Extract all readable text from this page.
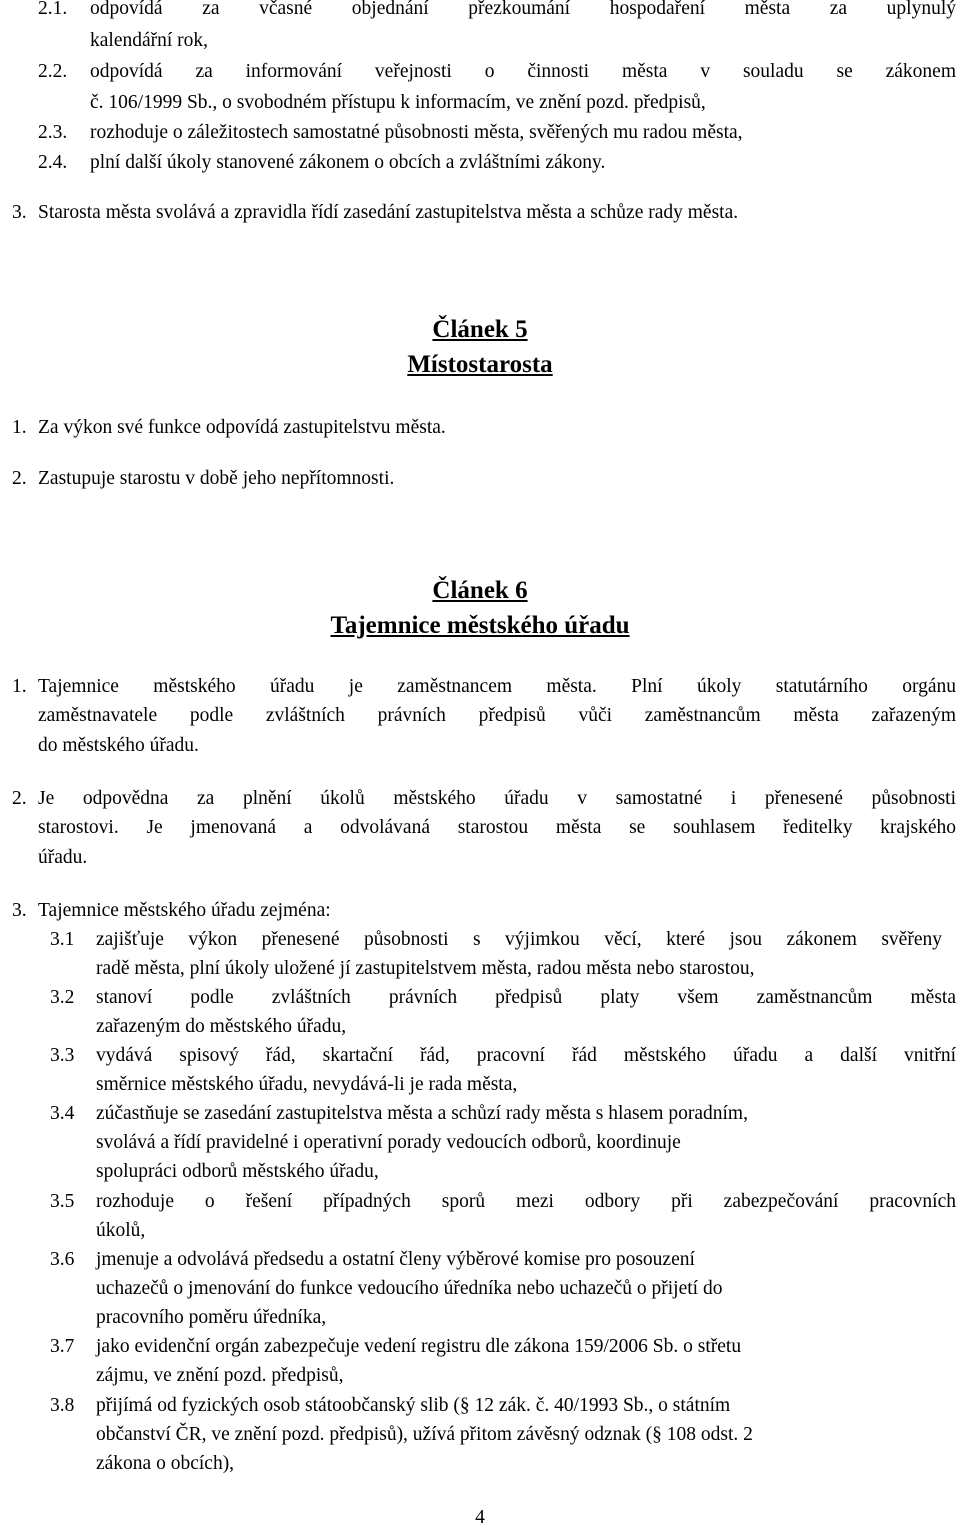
2.1. odpovídá za včasné objednání přezkoumání hospodaření města za uplynulý
kalendářní rok,
2.2. odpovídá za informování veřejnosti o činnosti města v souladu se zákonem
č. 106/1999 Sb., o svobodném přístupu k informacím, ve znění pozd. předpisů,
2.3. rozhoduje o záležitostech samostatné působnosti města, svěřených mu radou města,
2.4. plní další úkoly stanovené zákonem o obcích a zvláštními zákony.
3. Starosta města svolává a zpravidla řídí zasedání zastupitelstva města a schůze rady města.
Článek 5
Místostarosta
1. Za výkon své funkce odpovídá zastupitelstvu města.
2. Zastupuje starostu v době jeho nepřítomnosti.
Článek 6
Tajemnice městského úřadu
1. Tajemnice městského úřadu je zaměstnancem města. Plní úkoly statutárního orgánu
zaměstnavatele podle zvláštních právních předpisů vůči zaměstnancům města zařazeným
do městského úřadu.
2. Je odpovědna za plnění úkolů městského úřadu v samostatné i přenesené působnosti
starostovi. Je jmenovaná a odvolávaná starostou města se souhlasem ředitelky krajského
úřadu.
3. Tajemnice městského úřadu zejména:
3.1 zajišťuje výkon přenesené působnosti s výjimkou věcí, které jsou zákonem svěřeny
radě města, plní úkoly uložené jí zastupitelstvem města, radou města nebo starostou,
3.2 stanoví podle zvláštních právních předpisů platy všem zaměstnancům města
zařazeným do městského úřadu,
3.3 vydává spisový řád, skartační řád, pracovní řád městského úřadu a další vnitřní
směrnice městského úřadu, nevydává-li je rada města,
3.4 zúčastňuje se zasedání zastupitelstva města a schůzí rady města s hlasem poradním,
svolává a řídí pravidelné i operativní porady vedoucích odborů, koordinuje
spolupráci odborů městského úřadu,
3.5 rozhoduje o řešení případných sporů mezi odbory při zabezpečování pracovních
úkolů,
3.6 jmenuje a odvolává předsedu a ostatní členy výběrové komise pro posouzení
uchazečů o jmenování do funkce vedoucího úředníka nebo uchazečů o přijetí do
pracovního poměru úředníka,
3.7 jako evidenční orgán zabezpečuje vedení registru dle zákona 159/2006 Sb. o střetu
zájmu, ve znění pozd. předpisů,
3.8 přijímá od fyzických osob státoobčanský slib (§ 12 zák. č. 40/1993 Sb., o státním
občanství ČR, ve znění pozd. předpisů), užívá přitom závěsný odznak (§ 108 odst. 2
zákona o obcích),
4
